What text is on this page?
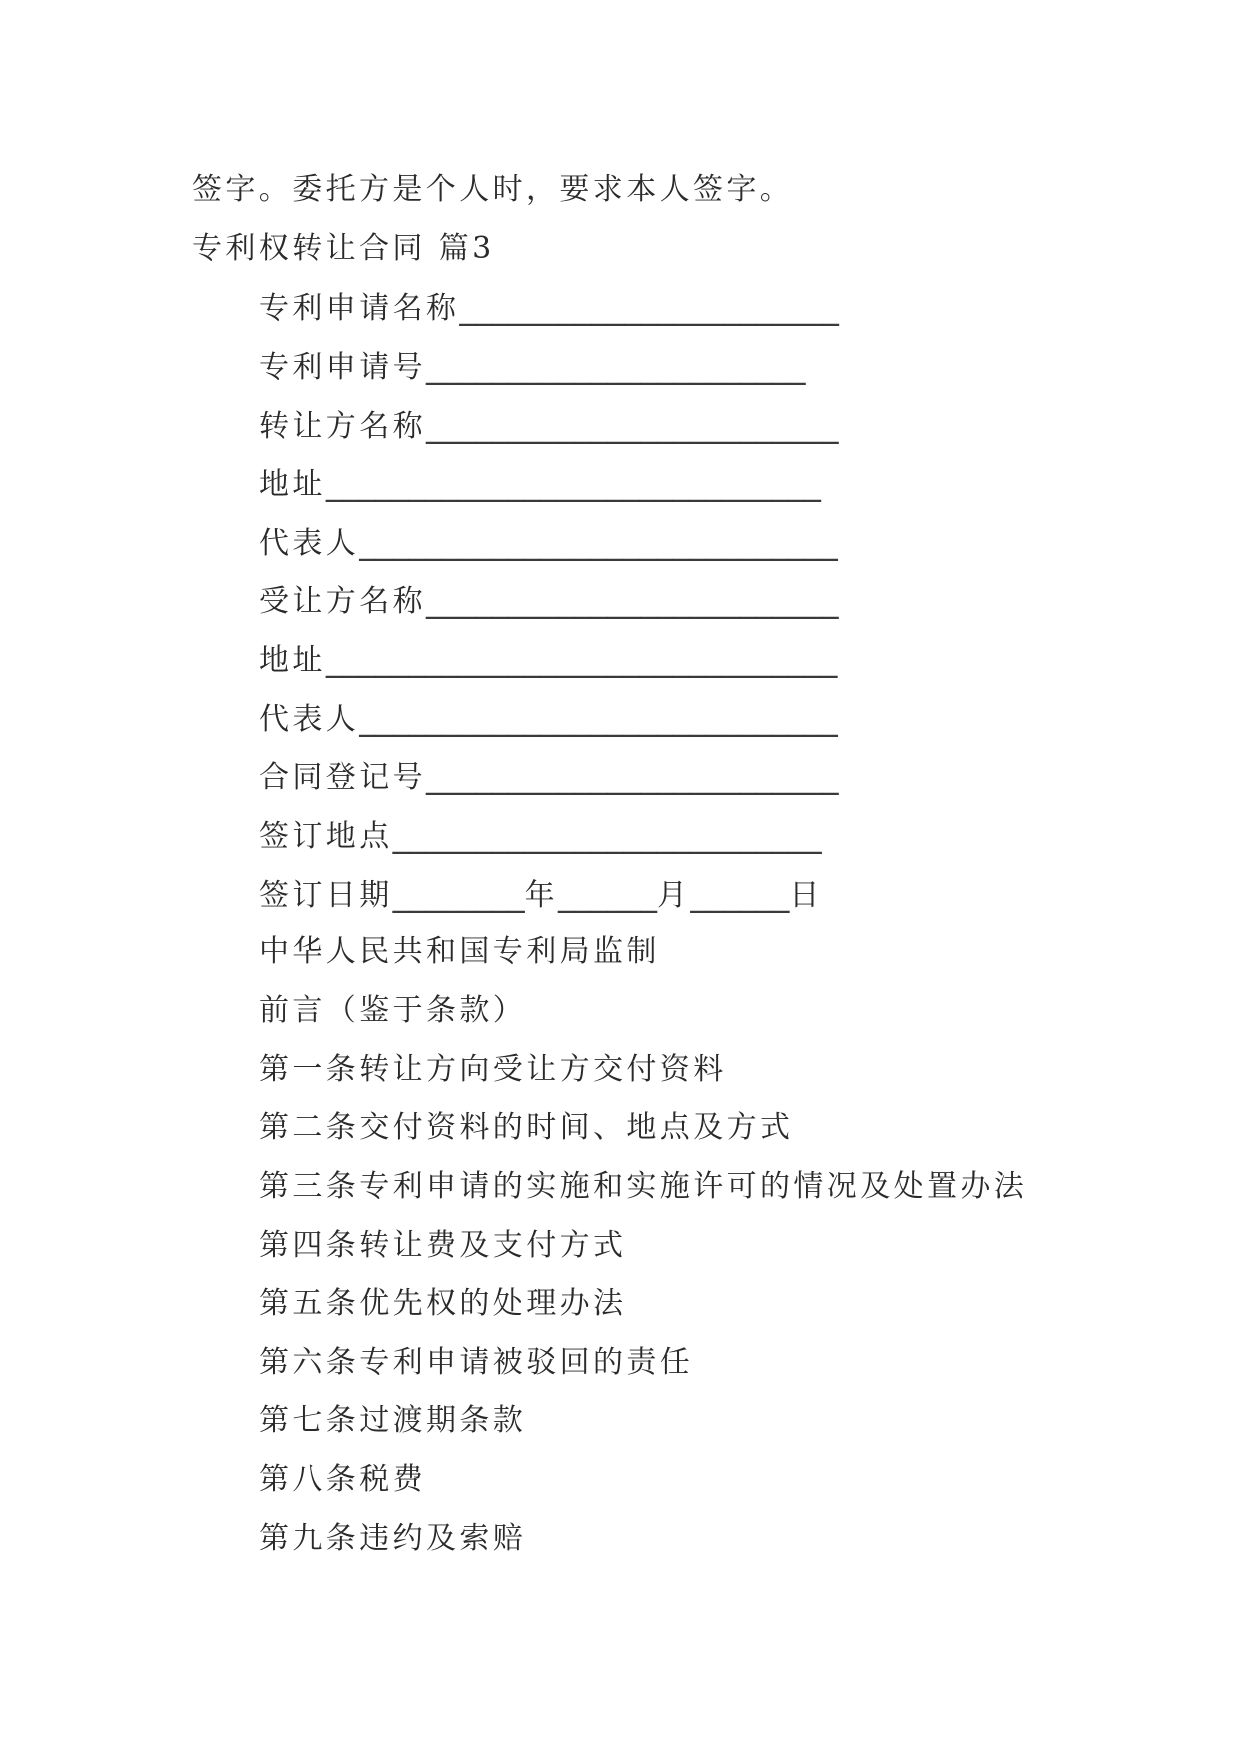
签字。委托方是个人时，要求本人签字。
专利权转让合同 篇3
专利申请名称_______________________
专利申请号_______________________
转让方名称_________________________
地址______________________________
代表人_____________________________
受让方名称_________________________
地址_______________________________
代表人_____________________________
合同登记号_________________________
签订地点__________________________
签订日期________年______月______日
中华人民共和国专利局监制
前言（鉴于条款）
第一条转让方向受让方交付资料
第二条交付资料的时间、地点及方式
第三条专利申请的实施和实施许可的情况及处置办法
第四条转让费及支付方式
第五条优先权的处理办法
第六条专利申请被驳回的责任
第七条过渡期条款
第八条税费
第九条违约及索赔
